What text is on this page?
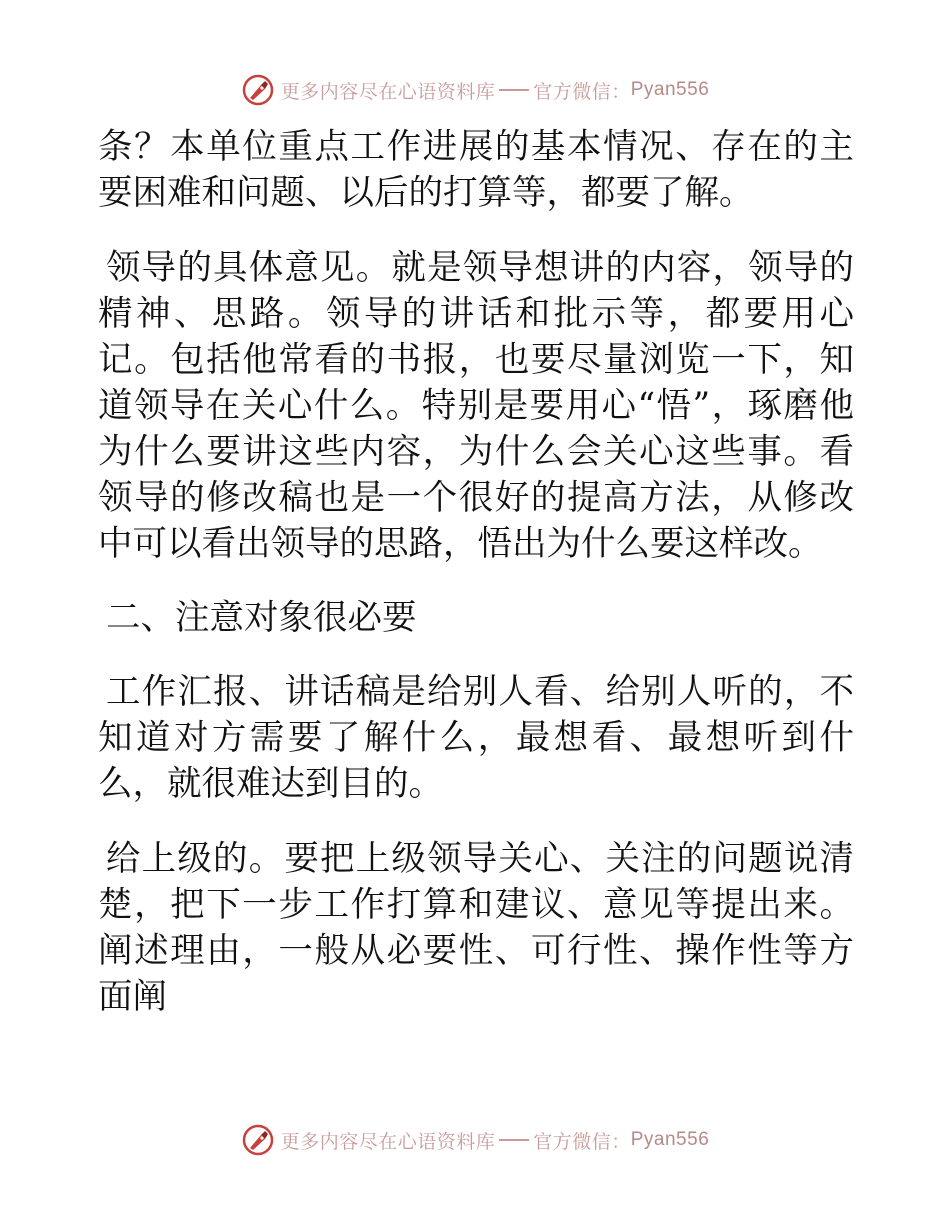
更多内容尽在心语资料库 官方微信： Pyan556

条？本单位重点工作进展的基本情况、存在的主要困难和问题、以后的打算等，都要了解。

领导的具体意见。就是领导想讲的内容，领导的精神、思路。领导的讲话和批示等，都要用心记。包括他常看的书报，也要尽量浏览一下，知道领导在关心什么。特别是要用心“悟”，琢磨他为什么要讲这些内容，为什么会关心这些事。看领导的修改稿也是一个很好的提高方法，从修改中可以看出领导的思路，悟出为什么要这样改。

二、注意对象很必要

工作汇报、讲话稿是给别人看、给别人听的，不知道对方需要了解什么，最想看、最想听到什么，就很难达到目的。

给上级的。要把上级领导关心、关注的问题说清楚，把下一步工作打算和建议、意见等提出来。阐述理由，一般从必要性、可行性、操作性等方面阐

更多内容尽在心语资料库 官方微信： Pyan556
